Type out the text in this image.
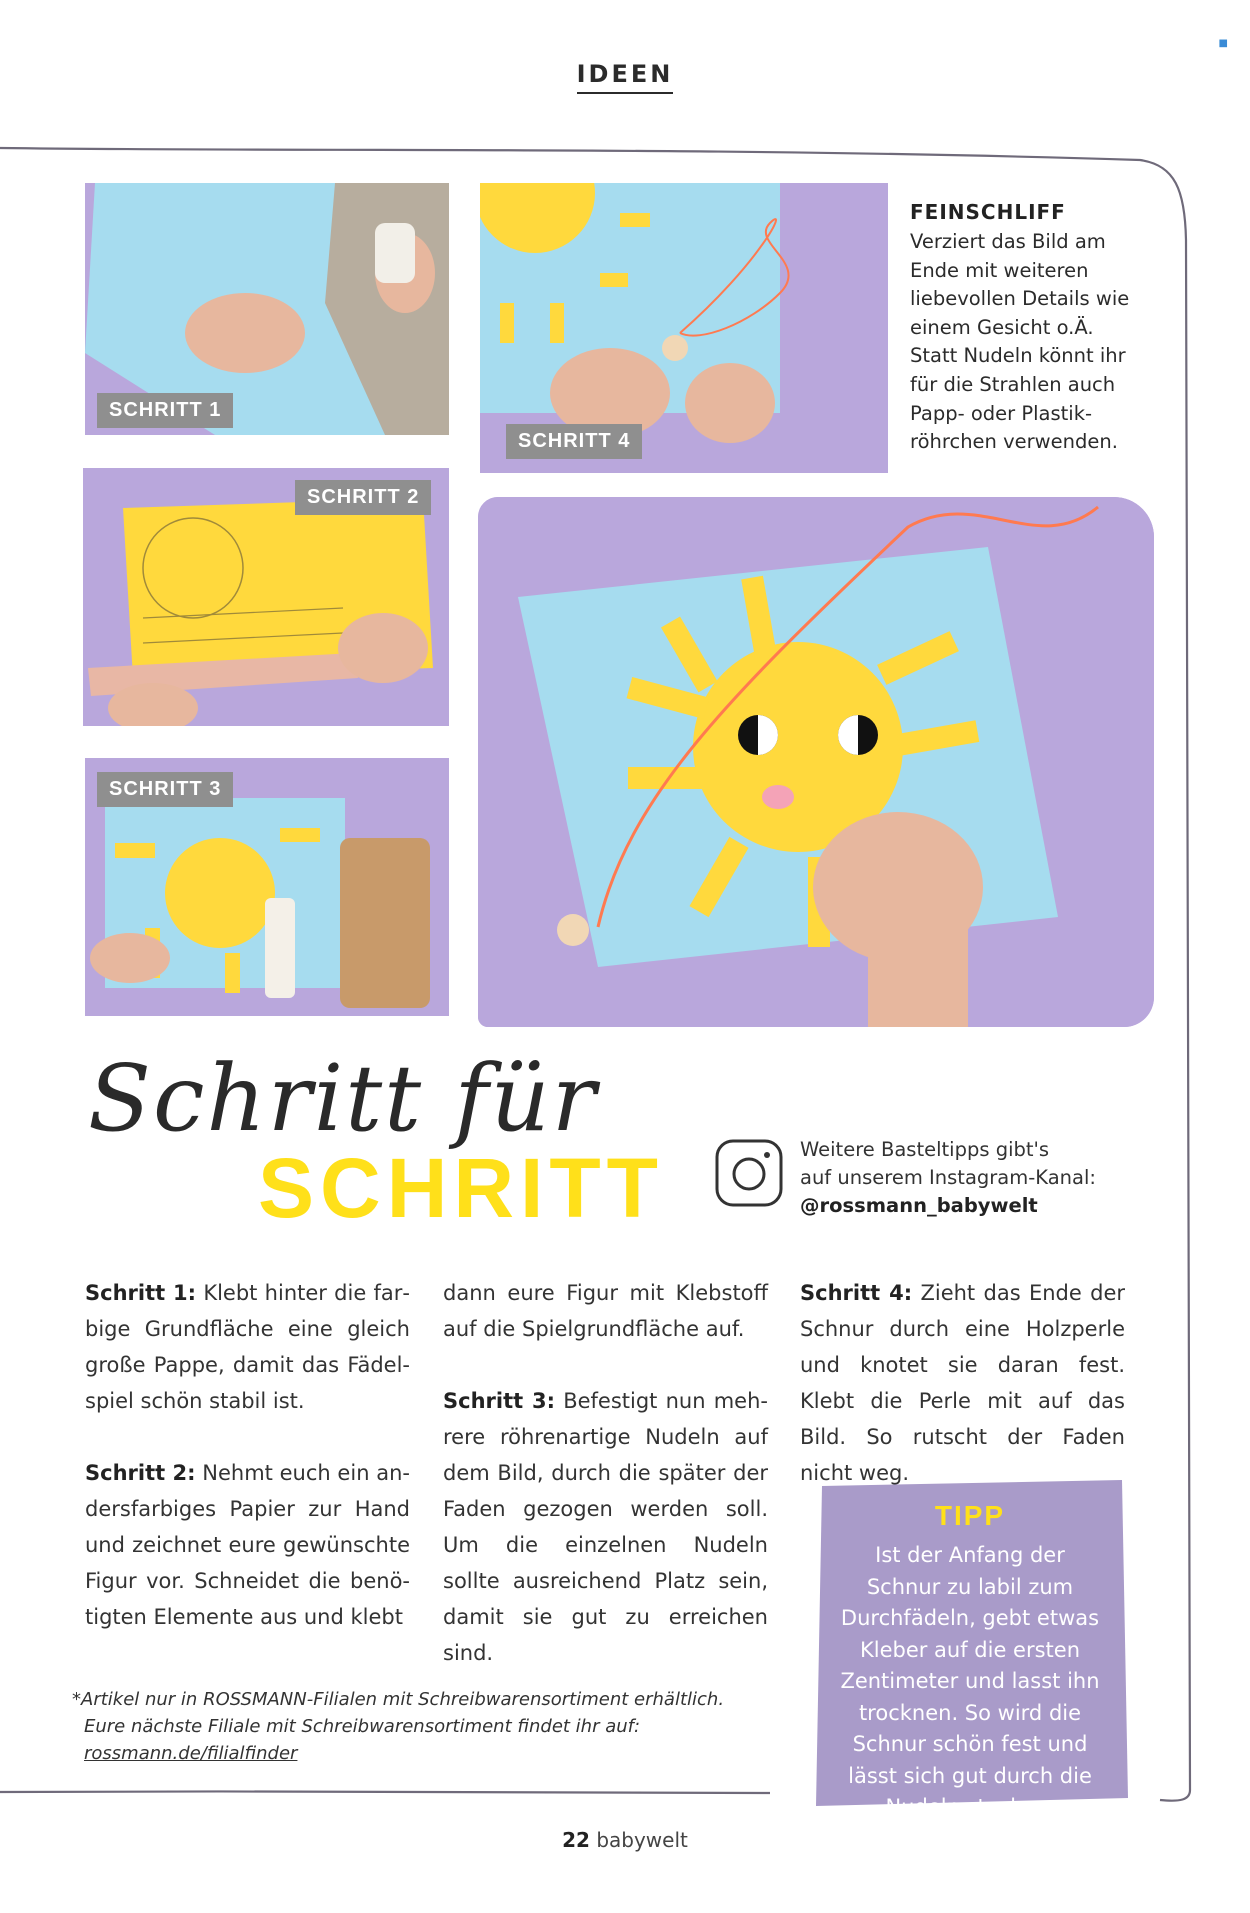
■
IDEEN
SCHRITT 1
SCHRITT 2
SCHRITT 3
SCHRITT 4
FEINSCHLIFF
Verziert das Bild am
Ende mit weiteren
liebevollen Details wie
einem Gesicht o.Ä.
Statt Nudeln könnt ihr
für die Strahlen auch
Papp- oder Plastik-
röhrchen verwenden.
Schritt für
SCHRITT	Weitere Basteltipps gibt's
auf unserem Instagram-Kanal:
@rossmann_babywelt

Schritt 1: Klebt hinter die farbige Grundfläche eine gleich große Pappe, damit das Fädelspiel schön stabil ist.

Schritt 2: Nehmt euch ein andersfarbiges Papier zur Hand und zeichnet eure gewünschte Figur vor. Schneidet die benötigten Elemente aus und klebt

dann eure Figur mit Klebstoff auf die Spielgrundfläche auf.

Schritt 3: Befestigt nun mehrere röhrenartige Nudeln auf dem Bild, durch die später der Faden gezogen werden soll. Um die einzelnen Nudeln sollte ausreichend Platz sein, damit sie gut zu erreichen sind.

Schritt 4: Zieht das Ende der Schnur durch eine Holzperle und knotet sie daran fest. Klebt die Perle mit auf das Bild. So rutscht der Faden nicht weg.

TIPP
Ist der Anfang der
Schnur zu labil zum
Durchfädeln, gebt etwas
Kleber auf die ersten
Zentimeter und lasst ihn
trocknen. So wird die
Schnur schön fest und
lässt sich gut durch die
Nudeln stecken.
*Artikel nur in ROSSMANN-Filialen mit Schreibwarensortiment erhältlich.
Eure nächste Filiale mit Schreibwarensortiment findet ihr auf:
rossmann.de/filialfinder
22 babywelt
